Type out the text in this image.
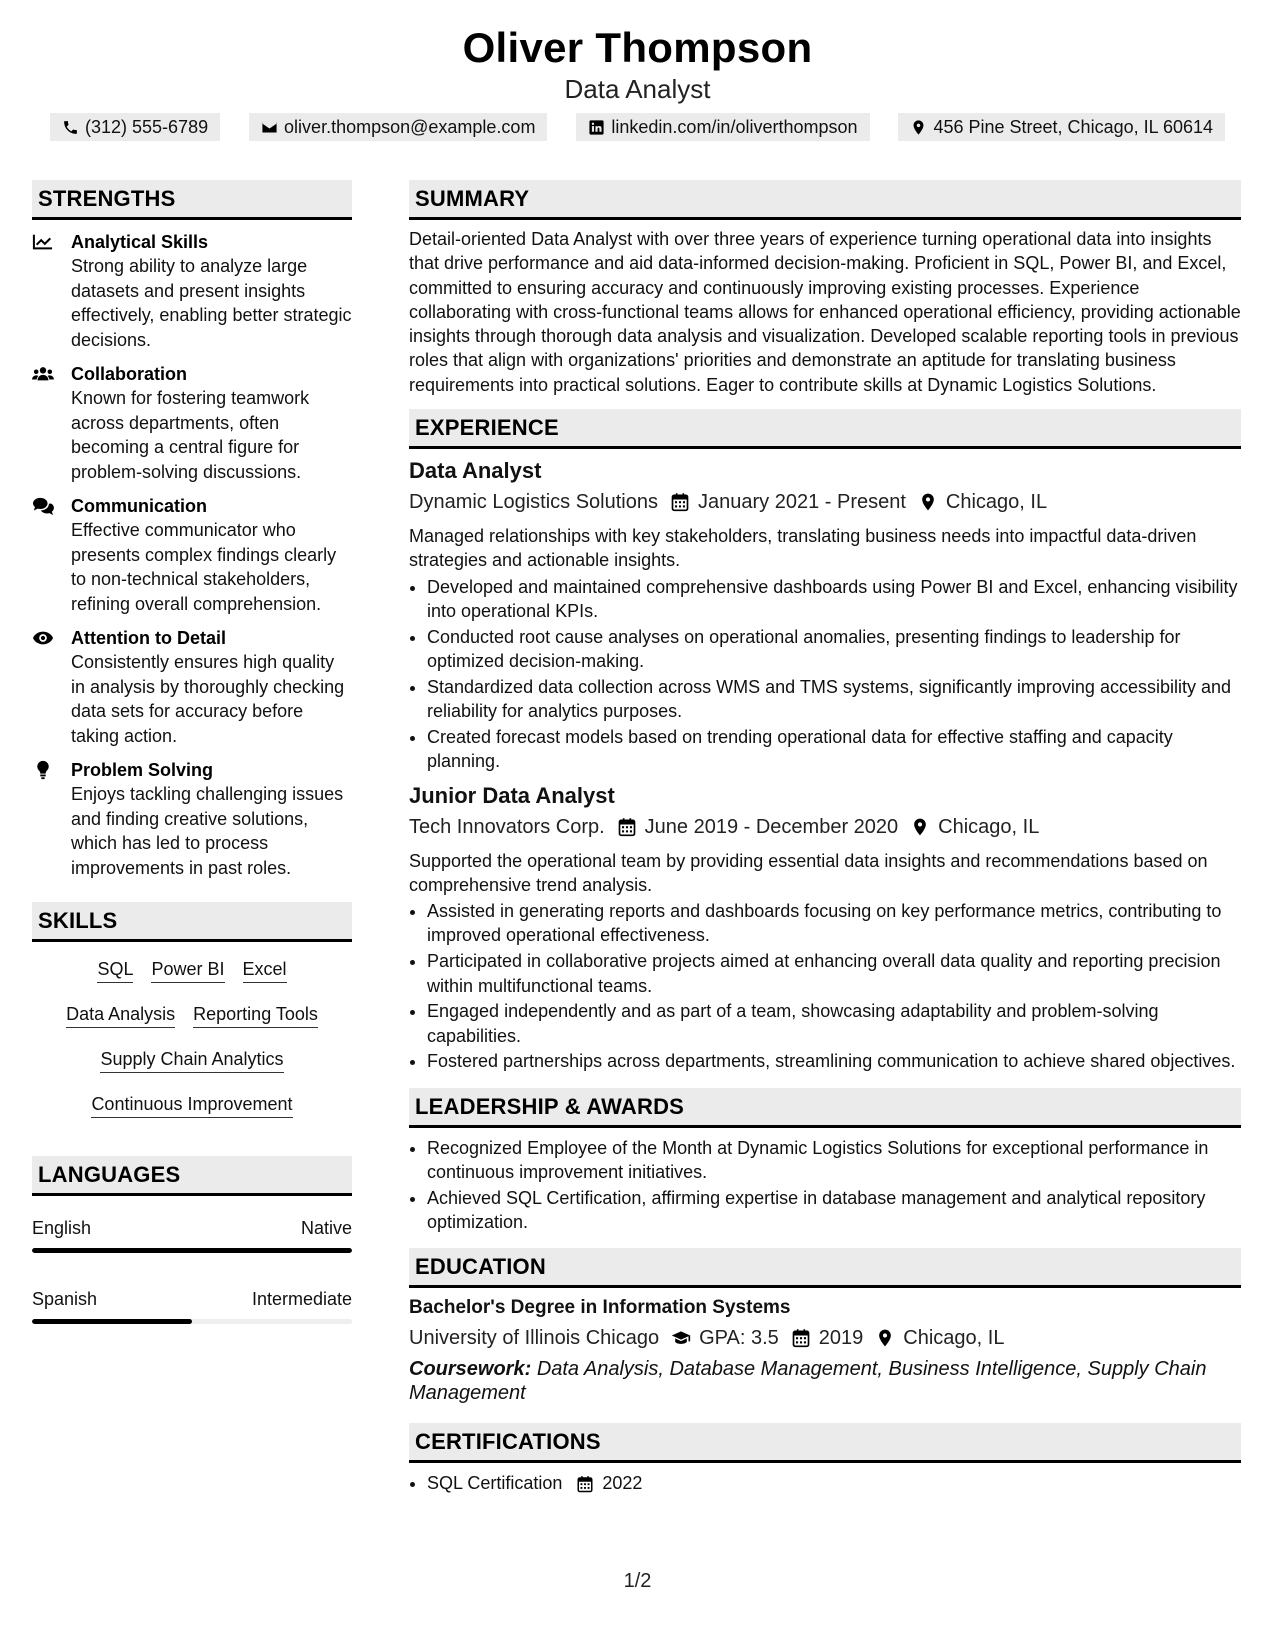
Oliver Thompson
Data Analyst
(312) 555-6789	oliver.thompson@example.com	linkedin.com/in/oliverthompson	456 Pine Street, Chicago, IL 60614
STRENGTHS
Analytical Skills
Strong ability to analyze large datasets and present insights effectively, enabling better strategic decisions.
Collaboration
Known for fostering teamwork across departments, often becoming a central figure for problem-solving discussions.
Communication
Effective communicator who presents complex findings clearly to non-technical stakeholders, refining overall comprehension.
Attention to Detail
Consistently ensures high quality in analysis by thoroughly checking data sets for accuracy before taking action.
Problem Solving
Enjoys tackling challenging issues and finding creative solutions, which has led to process improvements in past roles.
SKILLS
SQL Power BI Excel
Data Analysis Reporting Tools
Supply Chain Analytics
Continuous Improvement
LANGUAGES
English	Native
Spanish	Intermediate
SUMMARY
Detail-oriented Data Analyst with over three years of experience turning operational data into insights that drive performance and aid data-informed decision-making. Proficient in SQL, Power BI, and Excel, committed to ensuring accuracy and continuously improving existing processes. Experience collaborating with cross-functional teams allows for enhanced operational efficiency, providing actionable insights through thorough data analysis and visualization. Developed scalable reporting tools in previous roles that align with organizations' priorities and demonstrate an aptitude for translating business requirements into practical solutions. Eager to contribute skills at Dynamic Logistics Solutions.
EXPERIENCE
Data Analyst
Dynamic Logistics Solutions January 2021 - Present Chicago, IL
Managed relationships with key stakeholders, translating business needs into impactful data-driven strategies and actionable insights.
• Developed and maintained comprehensive dashboards using Power BI and Excel, enhancing visibility into operational KPIs.
• Conducted root cause analyses on operational anomalies, presenting findings to leadership for optimized decision-making.
• Standardized data collection across WMS and TMS systems, significantly improving accessibility and reliability for analytics purposes.
• Created forecast models based on trending operational data for effective staffing and capacity planning.
Junior Data Analyst
Tech Innovators Corp. June 2019 - December 2020 Chicago, IL
Supported the operational team by providing essential data insights and recommendations based on comprehensive trend analysis.
• Assisted in generating reports and dashboards focusing on key performance metrics, contributing to improved operational effectiveness.
• Participated in collaborative projects aimed at enhancing overall data quality and reporting precision within multifunctional teams.
• Engaged independently and as part of a team, showcasing adaptability and problem-solving capabilities.
• Fostered partnerships across departments, streamlining communication to achieve shared objectives.
LEADERSHIP & AWARDS
• Recognized Employee of the Month at Dynamic Logistics Solutions for exceptional performance in continuous improvement initiatives.
• Achieved SQL Certification, affirming expertise in database management and analytical repository optimization.
EDUCATION
Bachelor's Degree in Information Systems
University of Illinois Chicago GPA: 3.5 2019 Chicago, IL
Coursework: Data Analysis, Database Management, Business Intelligence, Supply Chain Management
CERTIFICATIONS
• SQL Certification 2022
1/2
